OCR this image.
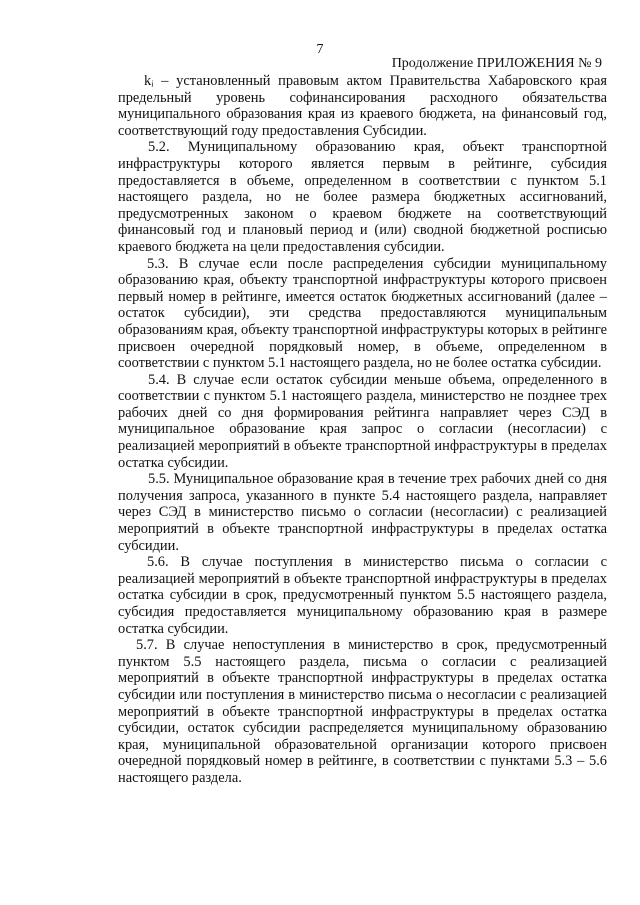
7
Продолжение ПРИЛОЖЕНИЯ № 9

kᵢ – установленный правовым актом Правительства Хабаровского края предельный уровень софинансирования расходного обязательства муниципального образования края из краевого бюджета, на финансовый год, соответствующий году предоставления Субсидии.

5.2. Муниципальному образованию края, объект транспортной инфраструктуры которого является первым в рейтинге, субсидия предоставляется в объеме, определенном в соответствии с пунктом 5.1 настоящего раздела, но не более размера бюджетных ассигнований, предусмотренных законом о краевом бюджете на соответствующий финансовый год и плановый период и (или) сводной бюджетной росписью краевого бюджета на цели предоставления субсидии.

5.3. В случае если после распределения субсидии муниципальному образованию края, объекту транспортной инфраструктуры которого присвоен первый номер в рейтинге, имеется остаток бюджетных ассигнований (далее – остаток субсидии), эти средства предоставляются муниципальным образованиям края, объекту транспортной инфраструктуры которых в рейтинге присвоен очередной порядковый номер, в объеме, определенном в соответствии с пунктом 5.1 настоящего раздела, но не более остатка субсидии.

5.4. В случае если остаток субсидии меньше объема, определенного в соответствии с пунктом 5.1 настоящего раздела, министерство не позднее трех рабочих дней со дня формирования рейтинга направляет через СЭД в муниципальное образование края запрос о согласии (несогласии) с реализацией мероприятий в объекте транспортной инфраструктуры в пределах остатка субсидии.

5.5. Муниципальное образование края в течение трех рабочих дней со дня получения запроса, указанного в пункте 5.4 настоящего раздела, направляет через СЭД в министерство письмо о согласии (несогласии) с реализацией мероприятий в объекте транспортной инфраструктуры в пределах остатка субсидии.

5.6. В случае поступления в министерство письма о согласии с реализацией мероприятий в объекте транспортной инфраструктуры в пределах остатка субсидии в срок, предусмотренный пунктом 5.5 настоящего раздела, субсидия предоставляется муниципальному образованию края в размере остатка субсидии.

5.7. В случае непоступления в министерство в срок, предусмотренный пунктом 5.5 настоящего раздела, письма о согласии с реализацией мероприятий в объекте транспортной инфраструктуры в пределах остатка субсидии или поступления в министерство письма о несогласии с реализацией мероприятий в объекте транспортной инфраструктуры в пределах остатка субсидии, остаток субсидии распределяется муниципальному образованию края, муниципальной образовательной организации которого присвоен очередной порядковый номер в рейтинге, в соответствии с пунктами 5.3 – 5.6 настоящего раздела.
